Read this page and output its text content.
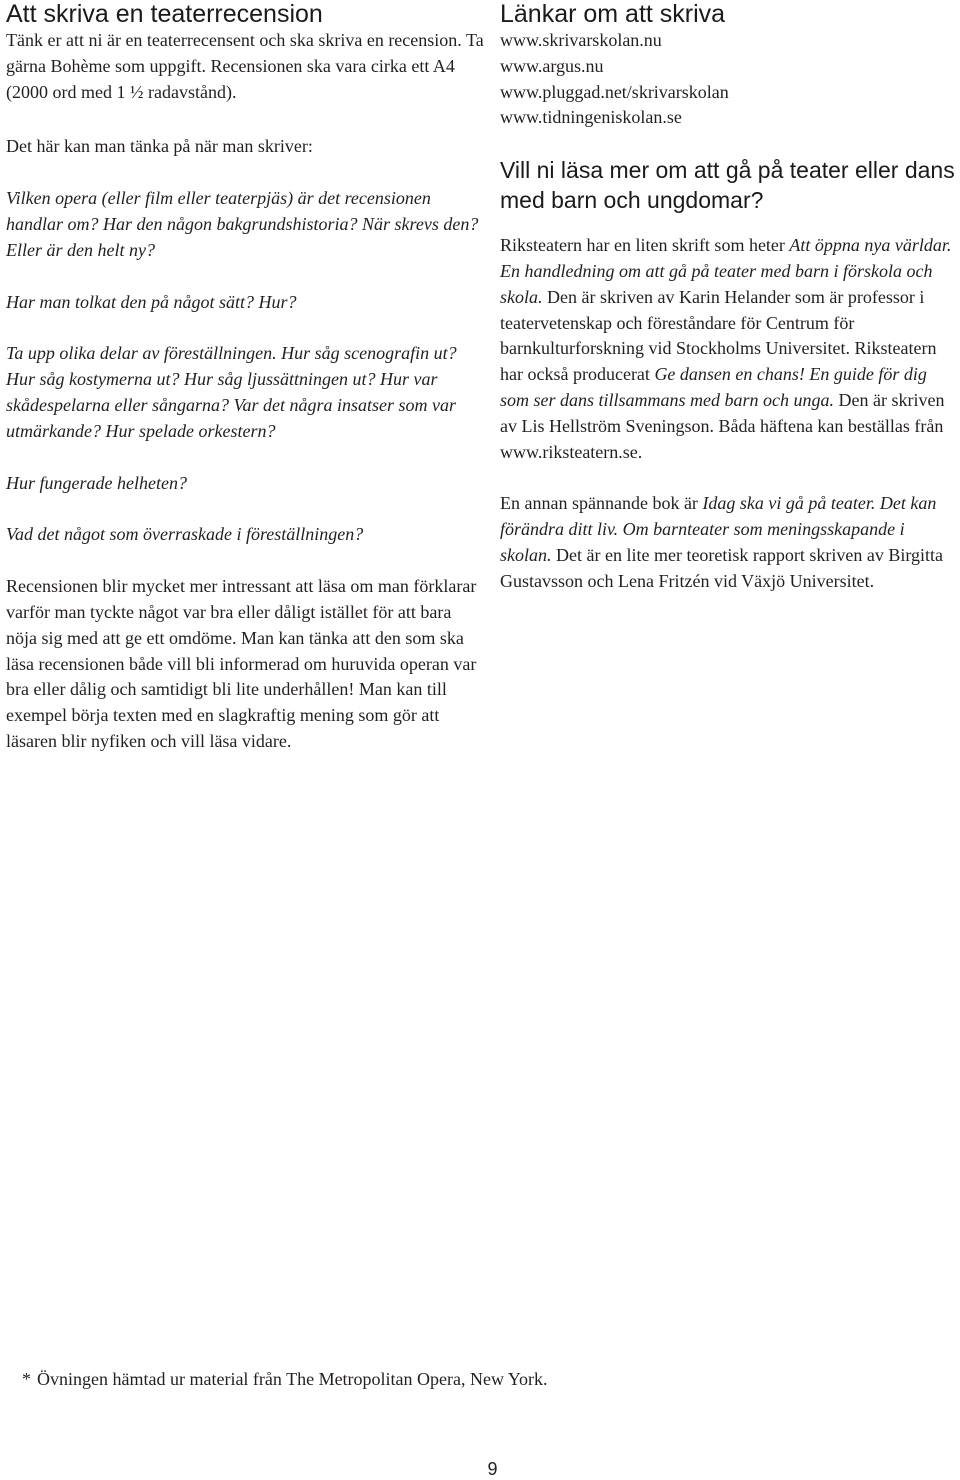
Att skriva en teaterrecension

Tänk er att ni är en teaterrecensent och ska skriva en recension. Ta gärna Bohème som uppgift. Recensionen ska vara cirka ett A4 (2000 ord med 1 ½ radavstånd).

Det här kan man tänka på när man skriver:

Vilken opera (eller film eller teaterpjäs) är det recensionen handlar om? Har den någon bakgrundshistoria? När skrevs den? Eller är den helt ny?

Har man tolkat den på något sätt? Hur?

Ta upp olika delar av föreställningen. Hur såg scenografin ut? Hur såg kostymerna ut? Hur såg ljussättningen ut? Hur var skådespelarna eller sångarna? Var det några insatser som var utmärkande? Hur spelade orkestern?

Hur fungerade helheten?

Vad det något som överraskade i föreställningen?

Recensionen blir mycket mer intressant att läsa om man förklarar varför man tyckte något var bra eller dåligt istället för att bara nöja sig med att ge ett omdöme. Man kan tänka att den som ska läsa recensionen både vill bli informerad om huruvida operan var bra eller dålig och samtidigt bli lite underhållen! Man kan till exempel börja texten med en slagkraftig mening som gör att läsaren blir nyfiken och vill läsa vidare.

Länkar om att skriva
www.skrivarskolan.nu
www.argus.nu
www.pluggad.net/skrivarskolan
www.tidningeniskolan.se
Vill ni läsa mer om att gå på teater eller dans med barn och ungdomar?

Riksteatern har en liten skrift som heter Att öppna nya världar. En handledning om att gå på teater med barn i förskola och skola. Den är skriven av Karin Helander som är professor i teatervetenskap och föreståndare för Centrum för barnkulturforskning vid Stockholms Universitet. Riksteatern har också producerat Ge dansen en chans! En guide för dig som ser dans tillsammans med barn och unga. Den är skriven av Lis Hellström Sveningson. Båda häftena kan beställas från www.riksteatern.se.

En annan spännande bok är Idag ska vi gå på teater. Det kan förändra ditt liv. Om barnteater som meningsskapande i skolan. Det är en lite mer teoretisk rapport skriven av Birgitta Gustavsson och Lena Fritzén vid Växjö Universitet.

* Övningen hämtad ur material från The Metropolitan Opera, New York.

9
